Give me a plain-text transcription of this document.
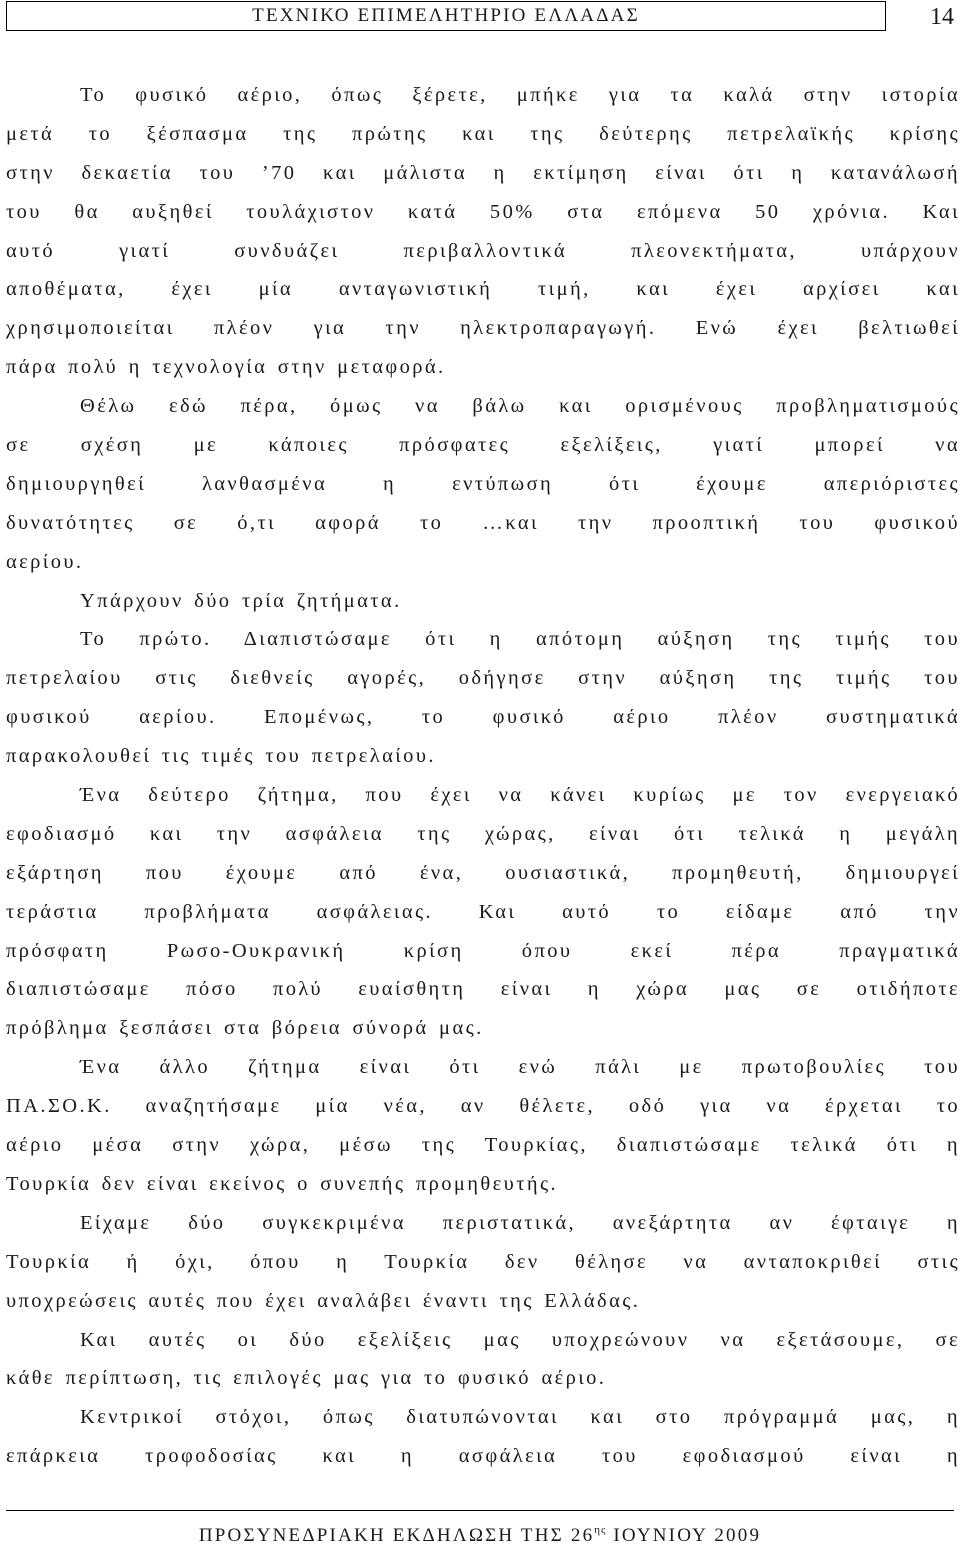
ΤΕΧΝΙΚΟ ΕΠΙΜΕΛΗΤΗΡΙΟ ΕΛΛΑΔΑΣ	14
Το φυσικό αέριο, όπως ξέρετε, μπήκε για τα καλά στην ιστορία
μετά το ξέσπασμα της πρώτης και της δεύτερης πετρελαϊκής κρίσης
στην δεκαετία του ’70 και μάλιστα η εκτίμηση είναι ότι η κατανάλωσή
του θα αυξηθεί τουλάχιστον κατά 50% στα επόμενα 50 χρόνια. Και
αυτό γιατί συνδυάζει περιβαλλοντικά πλεονεκτήματα, υπάρχουν
αποθέματα, έχει μία ανταγωνιστική τιμή, και έχει αρχίσει και
χρησιμοποιείται πλέον για την ηλεκτροπαραγωγή. Ενώ έχει βελτιωθεί
πάρα πολύ η τεχνολογία στην μεταφορά.
Θέλω εδώ πέρα, όμως να βάλω και ορισμένους προβληματισμούς
σε σχέση με κάποιες πρόσφατες εξελίξεις, γιατί μπορεί να
δημιουργηθεί λανθασμένα η εντύπωση ότι έχουμε απεριόριστες
δυνατότητες σε ό,τι αφορά το …και την προοπτική του φυσικού
αερίου.
Υπάρχουν δύο τρία ζητήματα.
Το πρώτο. Διαπιστώσαμε ότι η απότομη αύξηση της τιμής του
πετρελαίου στις διεθνείς αγορές, οδήγησε στην αύξηση της τιμής του
φυσικού αερίου. Επομένως, το φυσικό αέριο πλέον συστηματικά
παρακολουθεί τις τιμές του πετρελαίου.
Ένα δεύτερο ζήτημα, που έχει να κάνει κυρίως με τον ενεργειακό
εφοδιασμό και την ασφάλεια της χώρας, είναι ότι τελικά η μεγάλη
εξάρτηση που έχουμε από ένα, ουσιαστικά, προμηθευτή, δημιουργεί
τεράστια προβλήματα ασφάλειας. Και αυτό το είδαμε από την
πρόσφατη Ρωσο-Ουκρανική κρίση όπου εκεί πέρα πραγματικά
διαπιστώσαμε πόσο πολύ ευαίσθητη είναι η χώρα μας σε οτιδήποτε
πρόβλημα ξεσπάσει στα βόρεια σύνορά μας.
Ένα άλλο ζήτημα είναι ότι ενώ πάλι με πρωτοβουλίες του
ΠΑ.ΣΟ.Κ. αναζητήσαμε μία νέα, αν θέλετε, οδό για να έρχεται το
αέριο μέσα στην χώρα, μέσω της Τουρκίας, διαπιστώσαμε τελικά ότι η
Τουρκία δεν είναι εκείνος ο συνεπής προμηθευτής.
Είχαμε δύο συγκεκριμένα περιστατικά, ανεξάρτητα αν έφταιγε η
Τουρκία ή όχι, όπου η Τουρκία δεν θέλησε να ανταποκριθεί στις
υποχρεώσεις αυτές που έχει αναλάβει έναντι της Ελλάδας.
Και αυτές οι δύο εξελίξεις μας υποχρεώνουν να εξετάσουμε, σε
κάθε περίπτωση, τις επιλογές μας για το φυσικό αέριο.
Κεντρικοί στόχοι, όπως διατυπώνονται και στο πρόγραμμά μας, η
επάρκεια τροφοδοσίας και η ασφάλεια του εφοδιασμού είναι η
ΠΡΟΣΥΝΕΔΡΙΑΚΗ ΕΚΔΗΛΩΣΗ ΤΗΣ $26^{\eta\varsigma}$ ΙΟΥΝΙΟΥ 2009
